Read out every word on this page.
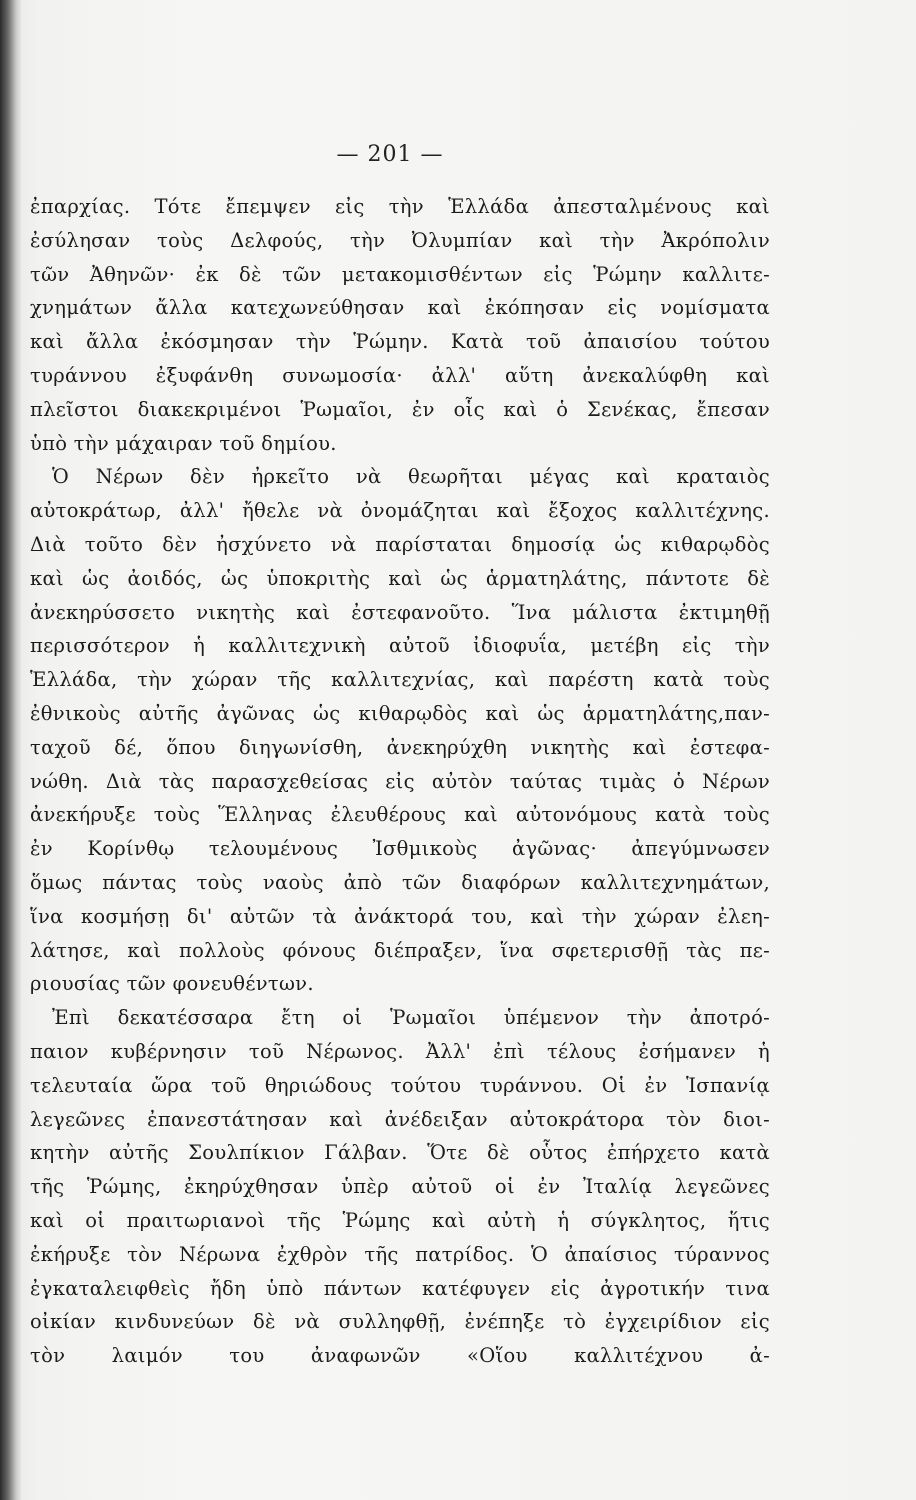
— 201 —
ἐπαρχίας. Τότε ἔπεμψεν εἰς τὴν Ἑλλάδα ἀπεσταλμένους καὶ
ἐσύλησαν τοὺς Δελφούς, τὴν Ὀλυμπίαν καὶ τὴν Ἀκρόπολιν
τῶν Ἀθηνῶν· ἐκ δὲ τῶν μετακομισθέντων εἰς Ῥώμην καλλιτε-
χνημάτων ἄλλα κατεχωνεύθησαν καὶ ἐκόπησαν εἰς νομίσματα
καὶ ἄλλα ἐκόσμησαν τὴν Ῥώμην. Κατὰ τοῦ ἀπαισίου τούτου
τυράννου ἐξυφάνθη συνωμοσία· ἀλλ' αὕτη ἀνεκαλύφθη καὶ
πλεῖστοι διακεκριμένοι Ῥωμαῖοι, ἐν οἷς καὶ ὁ Σενέκας, ἔπεσαν
ὑπὸ τὴν μάχαιραν τοῦ δημίου.
Ὁ Νέρων δὲν ἠρκεῖτο νὰ θεωρῆται μέγας καὶ κραταιὸς
αὐτοκράτωρ, ἀλλ' ἤθελε νὰ ὀνομάζηται καὶ ἔξοχος καλλιτέχνης.
Διὰ τοῦτο δὲν ἠσχύνετο νὰ παρίσταται δημοσίᾳ ὡς κιθαρῳδὸς
καὶ ὡς ἀοιδός, ὡς ὑποκριτὴς καὶ ὡς ἁρματηλάτης, πάντοτε δὲ
ἀνεκηρύσσετο νικητὴς καὶ ἐστεφανοῦτο. Ἵνα μάλιστα ἐκτιμηθῇ
περισσότερον ἡ καλλιτεχνικὴ αὐτοῦ ἰδιοφυΐα, μετέβη εἰς τὴν
Ἑλλάδα, τὴν χώραν τῆς καλλιτεχνίας, καὶ παρέστη κατὰ τοὺς
ἐθνικοὺς αὐτῆς ἀγῶνας ὡς κιθαρῳδὸς καὶ ὡς ἁρματηλάτης,παν-
ταχοῦ δέ, ὅπου διηγωνίσθη, ἀνεκηρύχθη νικητὴς καὶ ἐστεφα-
νώθη. Διὰ τὰς παρασχεθείσας εἰς αὐτὸν ταύτας τιμὰς ὁ Νέρων
ἀνεκήρυξε τοὺς Ἕλληνας ἐλευθέρους καὶ αὐτονόμους κατὰ τοὺς
ἐν Κορίνθῳ τελουμένους Ἰσθμικοὺς ἀγῶνας· ἀπεγύμνωσεν
ὅμως πάντας τοὺς ναοὺς ἀπὸ τῶν διαφόρων καλλιτεχνημάτων,
ἵνα κοσμήσῃ δι' αὐτῶν τὰ ἀνάκτορά του, καὶ τὴν χώραν ἐλεη-
λάτησε, καὶ πολλοὺς φόνους διέπραξεν, ἵνα σφετερισθῇ τὰς πε-
ριουσίας τῶν φονευθέντων.
Ἐπὶ δεκατέσσαρα ἔτη οἱ Ῥωμαῖοι ὑπέμενον τὴν ἀποτρό-
παιον κυβέρνησιν τοῦ Νέρωνος. Ἀλλ' ἐπὶ τέλους ἐσήμανεν ἡ
τελευταία ὥρα τοῦ θηριώδους τούτου τυράννου. Οἱ ἐν Ἱσπανίᾳ
λεγεῶνες ἐπανεστάτησαν καὶ ἀνέδειξαν αὐτοκράτορα τὸν διοι-
κητὴν αὐτῆς Σουλπίκιον Γάλβαν. Ὅτε δὲ οὗτος ἐπήρχετο κατὰ
τῆς Ῥώμης, ἐκηρύχθησαν ὑπὲρ αὐτοῦ οἱ ἐν Ἰταλίᾳ λεγεῶνες
καὶ οἱ πραιτωριανοὶ τῆς Ῥώμης καὶ αὐτὴ ἡ σύγκλητος, ἥτις
ἐκήρυξε τὸν Νέρωνα ἐχθρὸν τῆς πατρίδος. Ὁ ἀπαίσιος τύραννος
ἐγκαταλειφθεὶς ἤδη ὑπὸ πάντων κατέφυγεν εἰς ἀγροτικήν τινα
οἰκίαν κινδυνεύων δὲ νὰ συλληφθῇ, ἐνέπηξε τὸ ἐγχειρίδιον εἰς
τὸν λαιμόν του ἀναφωνῶν «Οἵου καλλιτέχνου ἀ-
